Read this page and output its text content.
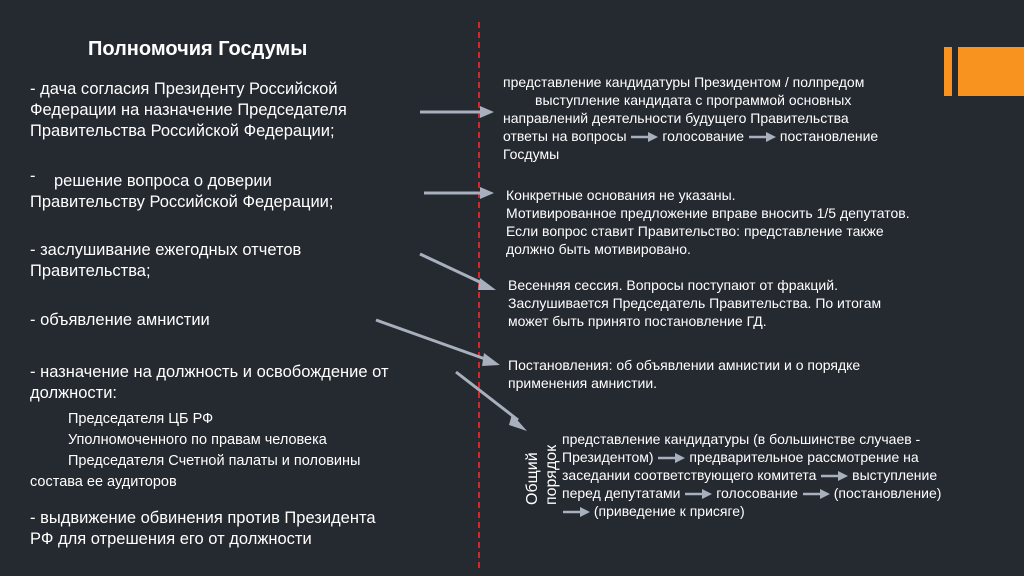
Полномочия Госдумы
- дача согласия Президенту Российской
Федерации на назначение Председателя
Правительства Российской Федерации;
-	решение вопроса о доверии
Правительству Российской Федерации;
- заслушивание ежегодных отчетов
Правительства;
- объявление амнистии
- назначение на должность и освобождение от
должности:
Председателя ЦБ РФ
Уполномоченного по правам человека
Председателя Счетной палаты и половины
состава ее аудиторов
- выдвижение обвинения против Президента
РФ для отрешения его от должности
представление кандидатуры Президентом / полпредом
выступление кандидата с программой основных
направлений деятельности будущего Правительства
ответы на вопросы	голосование	постановление
Госдумы
Конкретные основания не указаны.
Мотивированное предложение вправе вносить 1/5 депутатов.
Если вопрос ставит Правительство: представление также
должно быть мотивировано.
Весенняя сессия. Вопросы поступают от фракций.
Заслушивается Председатель Правительства. По итогам
может быть принято постановление ГД.
Постановления: об объявлении амнистии и о порядке
применения амнистии.
Общий порядок
представление кандидатуры (в большинстве случаев -
Президентом)	предварительное рассмотрение на
заседании соответствующего комитета	выступление
перед депутатами	голосование	(постановление)
(приведение к присяге)
